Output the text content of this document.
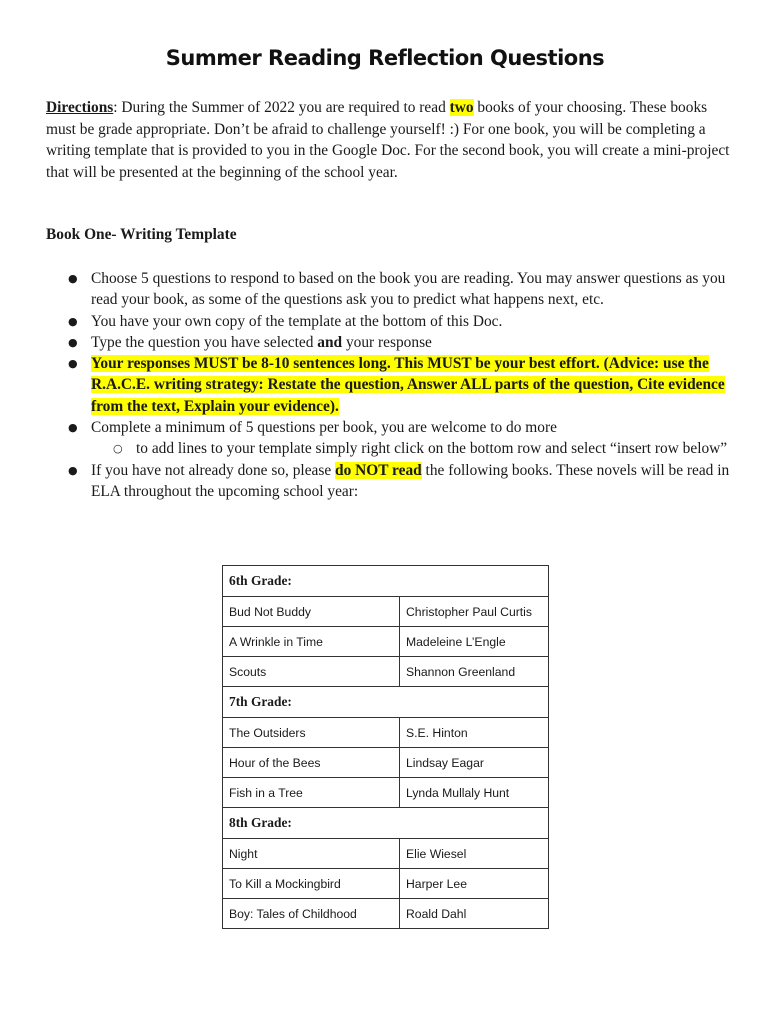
Summer Reading Reflection Questions
Directions: During the Summer of 2022 you are required to read two books of your choosing. These books must be grade appropriate. Don’t be afraid to challenge yourself! :) For one book, you will be completing a writing template that is provided to you in the Google Doc. For the second book, you will create a mini-project that will be presented at the beginning of the school year.
Book One- Writing Template
● Choose 5 questions to respond to based on the book you are reading. You may answer questions as you read your book, as some of the questions ask you to predict what happens next, etc.
● You have your own copy of the template at the bottom of this Doc.
● Type the question you have selected and your response
● Your responses MUST be 8-10 sentences long. This MUST be your best effort. (Advice: use the R.A.C.E. writing strategy: Restate the question, Answer ALL parts of the question, Cite evidence from the text, Explain your evidence).
● Complete a minimum of 5 questions per book, you are welcome to do more
○ to add lines to your template simply right click on the bottom row and select “insert row below”
● If you have not already done so, please do NOT read the following books. These novels will be read in ELA throughout the upcoming school year:
6th Grade:	
Bud Not Buddy	Christopher Paul Curtis
A Wrinkle in Time	Madeleine L’Engle
Scouts	Shannon Greenland
7th Grade:	
The Outsiders	S.E. Hinton
Hour of the Bees	Lindsay Eagar
Fish in a Tree	Lynda Mullaly Hunt
8th Grade:	
Night	Elie Wiesel
To Kill a Mockingbird	Harper Lee
Boy: Tales of Childhood	Roald Dahl
